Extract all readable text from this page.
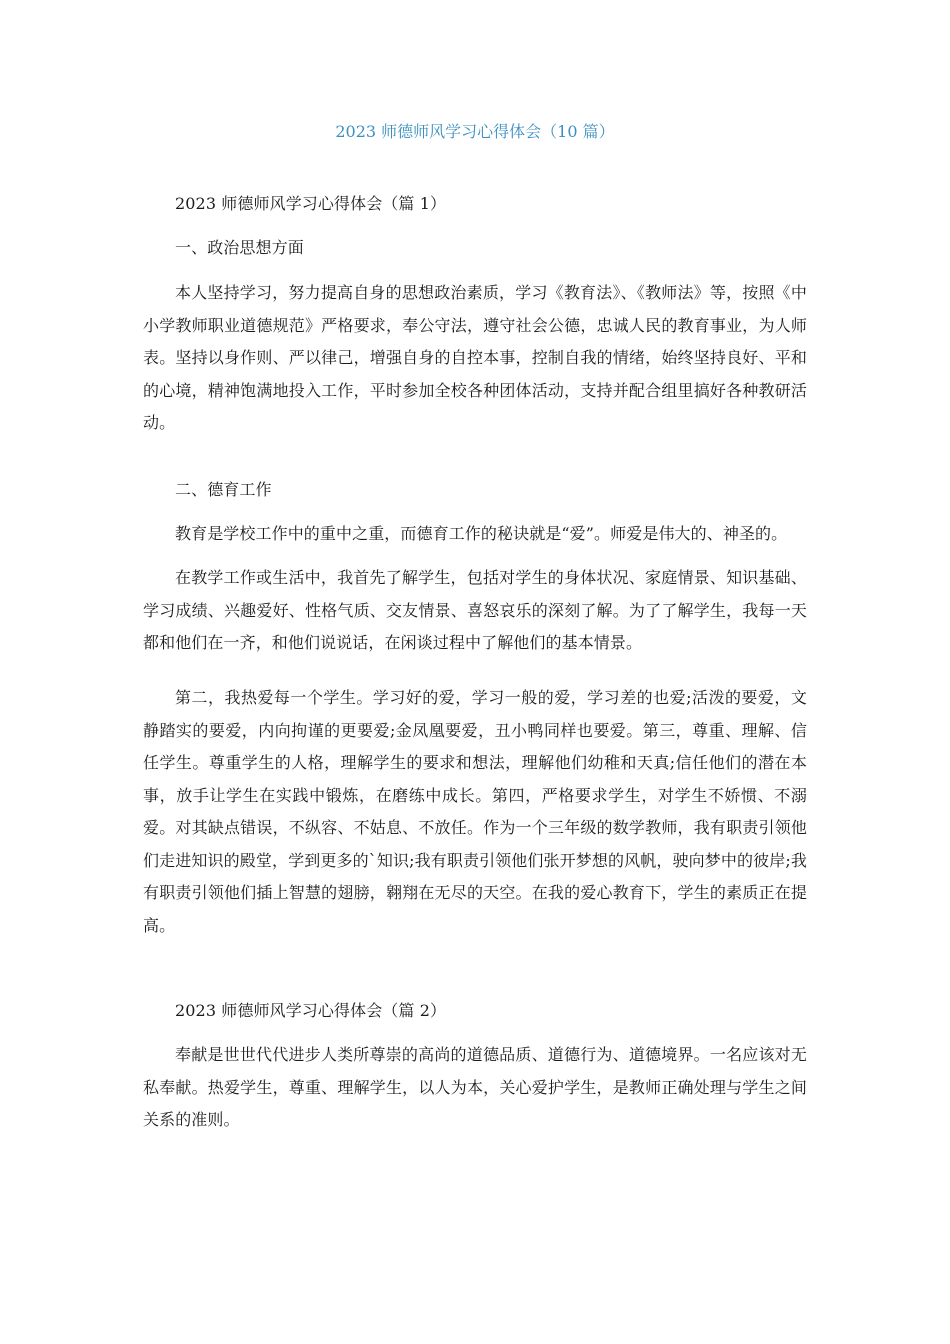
2023 师德师风学习心得体会（10 篇）

2023 师德师风学习心得体会（篇 1）

一、政治思想方面

本人坚持学习，努力提高自身的思想政治素质，学习《教育法》、《教师法》等，按照《中小学教师职业道德规范》严格要求，奉公守法，遵守社会公德，忠诚人民的教育事业，为人师表。坚持以身作则、严以律己，增强自身的自控本事，控制自我的情绪，始终坚持良好、平和的心境，精神饱满地投入工作，平时参加全校各种团体活动，支持并配合组里搞好各种教研活动。

二、德育工作

教育是学校工作中的重中之重，而德育工作的秘诀就是“爱”。师爱是伟大的、神圣的。

在教学工作或生活中，我首先了解学生，包括对学生的身体状况、家庭情景、知识基础、学习成绩、兴趣爱好、性格气质、交友情景、喜怒哀乐的深刻了解。为了了解学生，我每一天都和他们在一齐，和他们说说话，在闲谈过程中了解他们的基本情景。

第二，我热爱每一个学生。学习好的爱，学习一般的爱，学习差的也爱;活泼的要爱，文静踏实的要爱，内向拘谨的更要爱;金凤凰要爱，丑小鸭同样也要爱。第三，尊重、理解、信任学生。尊重学生的人格，理解学生的要求和想法，理解他们幼稚和天真;信任他们的潜在本事，放手让学生在实践中锻炼，在磨练中成长。第四，严格要求学生，对学生不娇惯、不溺爱。对其缺点错误，不纵容、不姑息、不放任。作为一个三年级的数学教师，我有职责引领他们走进知识的殿堂，学到更多的`知识;我有职责引领他们张开梦想的风帆，驶向梦中的彼岸;我有职责引领他们插上智慧的翅膀，翱翔在无尽的天空。在我的爱心教育下，学生的素质正在提高。

2023 师德师风学习心得体会（篇 2）

奉献是世世代代进步人类所尊崇的高尚的道德品质、道德行为、道德境界。一名应该对无私奉献。热爱学生，尊重、理解学生，以人为本，关心爱护学生，是教师正确处理与学生之间关系的准则。
